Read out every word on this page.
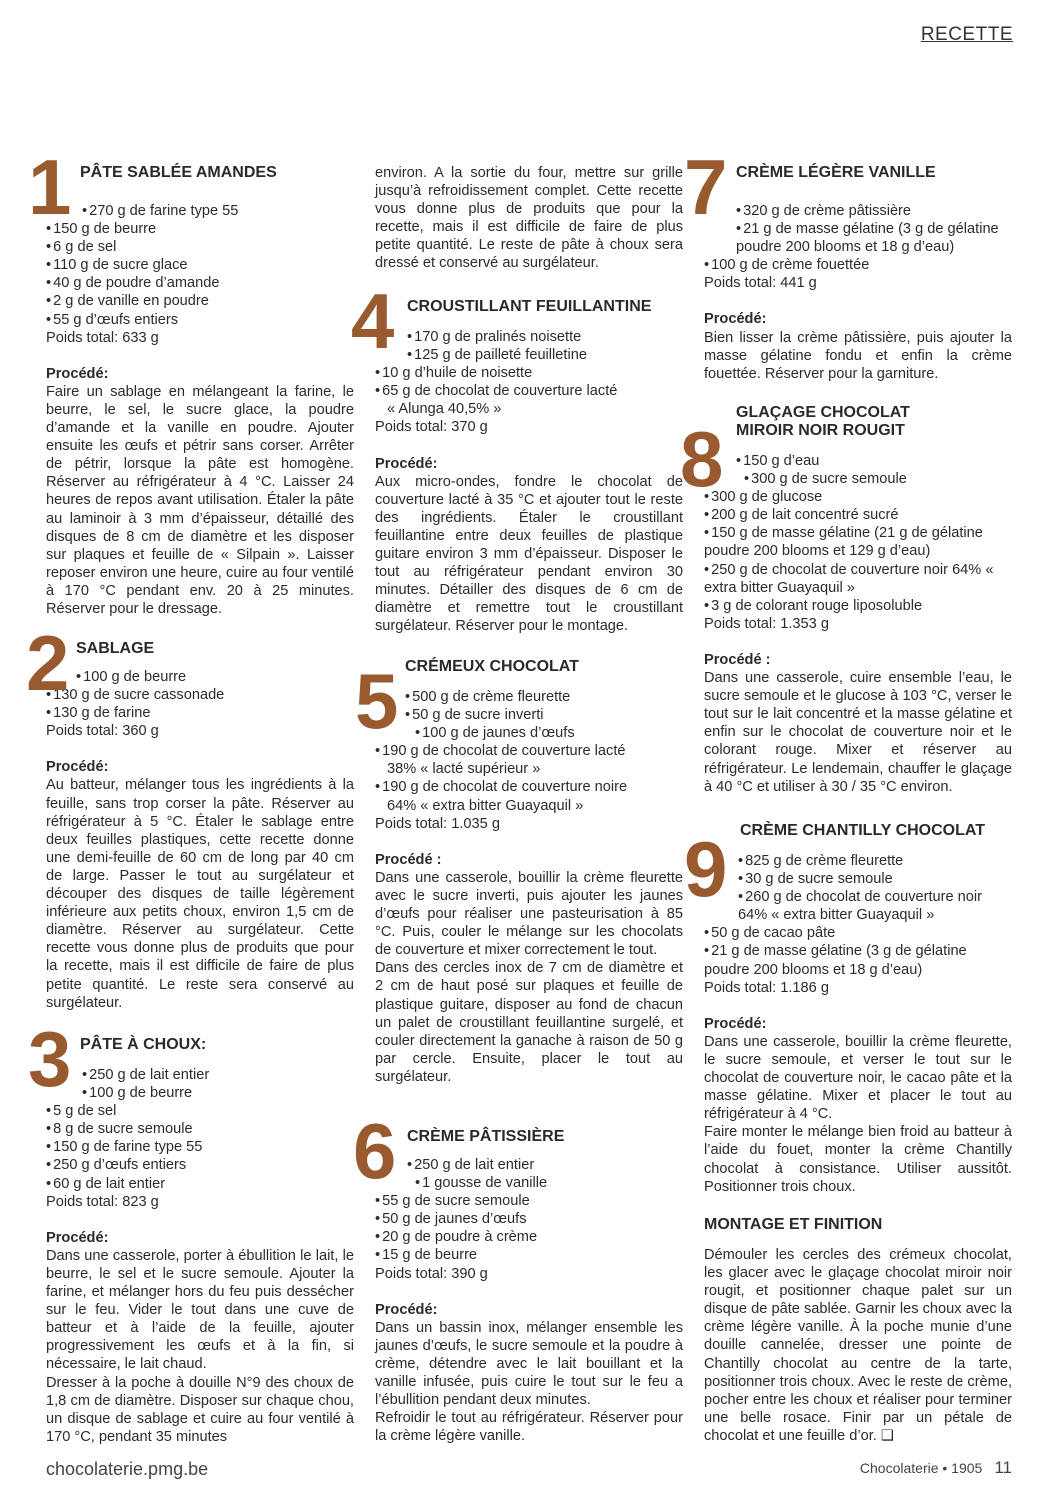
RECETTE
1 PÂTE SABLÉE AMANDES
• 270 g de farine type 55
• 150 g de beurre
• 6 g de sel
• 110 g de sucre glace
• 40 g de poudre d’amande
• 2 g de vanille en poudre
• 55 g d’œufs entiers
Poids total: 633 g
Procédé:
Faire un sablage en mélangeant la farine, le beurre, le sel, le sucre glace, la poudre d’amande et la vanille en poudre. Ajouter ensuite les œufs et pétrir sans corser. Arrêter de pétrir, lorsque la pâte est homogène. Réserver au réfrigérateur à 4 °C. Laisser 24 heures de repos avant utilisation. Étaler la pâte au laminoir à 3 mm d’épaisseur, détaillé des disques de 8 cm de diamètre et les disposer sur plaques et feuille de « Silpain ». Laisser reposer environ une heure, cuire au four ventilé à 170 °C pendant env. 20 à 25 minutes. Réserver pour le dressage.
2 SABLAGE
• 100 g de beurre
• 130 g de sucre cassonade
• 130 g de farine
Poids total: 360 g
Procédé:
Au batteur, mélanger tous les ingrédients à la feuille, sans trop corser la pâte. Réserver au réfrigérateur à 5 °C. Étaler le sablage entre deux feuilles plastiques, cette recette donne une demi-feuille de 60 cm de long par 40 cm de large. Passer le tout au surgélateur et découper des disques de taille légèrement inférieure aux petits choux, environ 1,5 cm de diamètre. Réserver au surgélateur. Cette recette vous donne plus de produits que pour la recette, mais il est difficile de faire de plus petite quantité. Le reste sera conservé au surgélateur.
3 PÂTE À CHOUX:
• 250 g de lait entier
• 100 g de beurre
• 5 g de sel
• 8 g de sucre semoule
• 150 g de farine type 55
• 250 g d’œufs entiers
• 60 g de lait entier
Poids total: 823 g
Procédé:
Dans une casserole, porter à ébullition le lait, le beurre, le sel et le sucre semoule. Ajouter la farine, et mélanger hors du feu puis dessécher sur le feu. Vider le tout dans une cuve de batteur et à l’aide de la feuille, ajouter progressivement les œufs et à la fin, si nécessaire, le lait chaud.
Dresser à la poche à douille N°9 des choux de 1,8 cm de diamètre. Disposer sur chaque chou, un disque de sablage et cuire au four ventilé à 170 °C, pendant 35 minutes
environ. A la sortie du four, mettre sur grille jusqu’à refroidissement complet. Cette recette vous donne plus de produits que pour la recette, mais il est difficile de faire de plus petite quantité. Le reste de pâte à choux sera dressé et conservé au surgélateur.
4 CROUSTILLANT FEUILLANTINE
• 170 g de pralinés noisette
• 125 g de pailleté feuilletine
• 10 g d’huile de noisette
• 65 g de chocolat de couverture lacté
« Alunga 40,5% »
Poids total: 370 g
Procédé:
Aux micro-ondes, fondre le chocolat de couverture lacté à 35 °C et ajouter tout le reste des ingrédients. Étaler le croustillant feuillantine entre deux feuilles de plastique guitare environ 3 mm d’épaisseur. Disposer le tout au réfrigérateur pendant environ 30 minutes. Détailler des disques de 6 cm de diamètre et remettre tout le croustillant surgélateur. Réserver pour le montage.
5 CRÉMEUX CHOCOLAT
• 500 g de crème fleurette
• 50 g de sucre inverti
• 100 g de jaunes d’œufs
• 190 g de chocolat de couverture lacté
38% « lacté supérieur »
• 190 g de chocolat de couverture noire
64% « extra bitter Guayaquil »
Poids total: 1.035 g
Procédé :
Dans une casserole, bouillir la crème fleurette avec le sucre inverti, puis ajouter les jaunes d’œufs pour réaliser une pasteurisation à 85 °C. Puis, couler le mélange sur les chocolats de couverture et mixer correctement le tout.
Dans des cercles inox de 7 cm de diamètre et 2 cm de haut posé sur plaques et feuille de plastique guitare, disposer au fond de chacun un palet de croustillant feuillantine surgelé, et couler directement la ganache à raison de 50 g par cercle. Ensuite, placer le tout au surgélateur.
6 CRÈME PÂTISSIÈRE
• 250 g de lait entier
• 1 gousse de vanille
• 55 g de sucre semoule
• 50 g de jaunes d’œufs
• 20 g de poudre à crème
• 15 g de beurre
Poids total: 390 g
Procédé:
Dans un bassin inox, mélanger ensemble les jaunes d’œufs, le sucre semoule et la poudre à crème, détendre avec le lait bouillant et la vanille infusée, puis cuire le tout sur le feu a l’ébullition pendant deux minutes.
Refroidir le tout au réfrigérateur. Réserver pour la crème légère vanille.
7 CRÈME LÉGÈRE VANILLE
• 320 g de crème pâtissière
• 21 g de masse gélatine (3 g de gélatine poudre 200 blooms et 18 g d’eau)
• 100 g de crème fouettée
Poids total: 441 g
Procédé:
Bien lisser la crème pâtissière, puis ajouter la masse gélatine fondu et enfin la crème fouettée. Réserver pour la garniture.
8
GLAÇAGE CHOCOLAT
MIROIR NOIR ROUGIT
• 150 g d’eau
• 300 g de sucre semoule
• 300 g de glucose
• 200 g de lait concentré sucré
• 150 g de masse gélatine (21 g de gélatine poudre 200 blooms et 129 g d’eau)
• 250 g de chocolat de couverture noir 64% « extra bitter Guayaquil »
• 3 g de colorant rouge liposoluble
Poids total: 1.353 g
Procédé :
Dans une casserole, cuire ensemble l’eau, le sucre semoule et le glucose à 103 °C, verser le tout sur le lait concentré et la masse gélatine et enfin sur le chocolat de couverture noir et le colorant rouge. Mixer et réserver au réfrigérateur. Le lendemain, chauffer le glaçage à 40 °C et utiliser à 30 / 35 °C environ.
9 CRÈME CHANTILLY CHOCOLAT
• 825 g de crème fleurette
• 30 g de sucre semoule
• 260 g de chocolat de couverture noir 64% « extra bitter Guayaquil »
• 50 g de cacao pâte
• 21 g de masse gélatine (3 g de gélatine poudre 200 blooms et 18 g d’eau)
Poids total: 1.186 g
Procédé:
Dans une casserole, bouillir la crème fleurette, le sucre semoule, et verser le tout sur le chocolat de couverture noir, le cacao pâte et la masse gélatine. Mixer et placer le tout au réfrigérateur à 4 °C.
Faire monter le mélange bien froid au batteur à l’aide du fouet, monter la crème Chantilly chocolat à consistance. Utiliser aussitôt. Positionner trois choux.
MONTAGE ET FINITION
Démouler les cercles des crémeux chocolat, les glacer avec le glaçage chocolat miroir noir rougit, et positionner chaque palet sur un disque de pâte sablée. Garnir les choux avec la crème légère vanille. À la poche munie d’une douille cannelée, dresser une pointe de Chantilly chocolat au centre de la tarte, positionner trois choux. Avec le reste de crème, pocher entre les choux et réaliser pour terminer une belle rosace. Finir par un pétale de chocolat et une feuille d’or. ❑
chocolaterie.pmg.be	Chocolaterie • 1905 11
